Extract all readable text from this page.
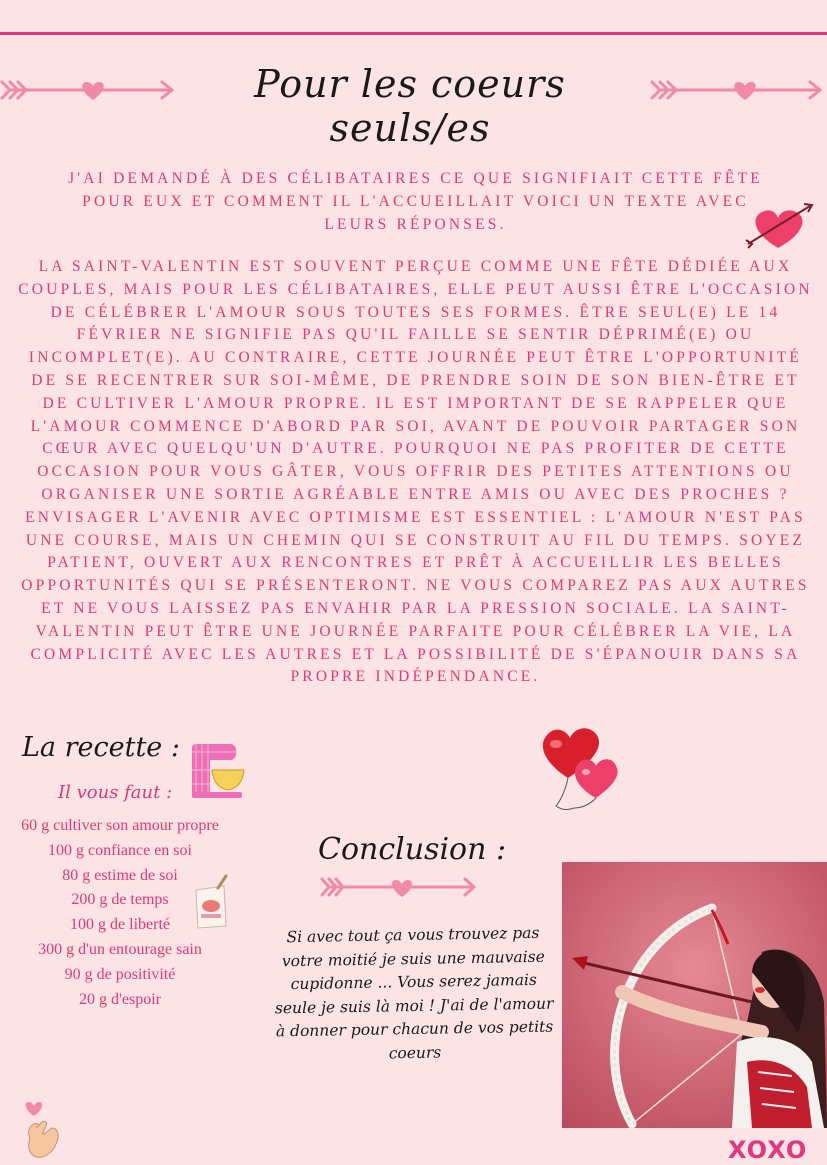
Pour les coeurs seuls/es
J'AI DEMANDÉ À DES CÉLIBATAIRES CE QUE SIGNIFIAIT CETTE FÊTE POUR EUX ET COMMENT IL L'ACCUEILLAIT VOICI UN TEXTE AVEC LEURS RÉPONSES.
LA SAINT-VALENTIN EST SOUVENT PERÇUE COMME UNE FÊTE DÉDIÉE AUX COUPLES, MAIS POUR LES CÉLIBATAIRES, ELLE PEUT AUSSI ÊTRE L'OCCASION DE CÉLÉBRER L'AMOUR SOUS TOUTES SES FORMES. ÊTRE SEUL(E) LE 14 FÉVRIER NE SIGNIFIE PAS QU'IL FAILLE SE SENTIR DÉPRIMÉ(E) OU INCOMPLET(E). AU CONTRAIRE, CETTE JOURNÉE PEUT ÊTRE L'OPPORTUNITÉ DE SE RECENTRER SUR SOI-MÊME, DE PRENDRE SOIN DE SON BIEN-ÊTRE ET DE CULTIVER L'AMOUR PROPRE. IL EST IMPORTANT DE SE RAPPELER QUE L'AMOUR COMMENCE D'ABORD PAR SOI, AVANT DE POUVOIR PARTAGER SON CŒUR AVEC QUELQU'UN D'AUTRE. POURQUOI NE PAS PROFITER DE CETTE OCCASION POUR VOUS GÂTER, VOUS OFFRIR DES PETITES ATTENTIONS OU ORGANISER UNE SORTIE AGRÉABLE ENTRE AMIS OU AVEC DES PROCHES ? ENVISAGER L'AVENIR AVEC OPTIMISME EST ESSENTIEL : L'AMOUR N'EST PAS UNE COURSE, MAIS UN CHEMIN QUI SE CONSTRUIT AU FIL DU TEMPS. SOYEZ PATIENT, OUVERT AUX RENCONTRES ET PRÊT À ACCUEILLIR LES BELLES OPPORTUNITÉS QUI SE PRÉSENTERONT. NE VOUS COMPAREZ PAS AUX AUTRES ET NE VOUS LAISSEZ PAS ENVAHIR PAR LA PRESSION SOCIALE. LA SAINT-VALENTIN PEUT ÊTRE UNE JOURNÉE PARFAITE POUR CÉLÉBRER LA VIE, LA COMPLICITÉ AVEC LES AUTRES ET LA POSSIBILITÉ DE S'ÉPANOUIR DANS SA PROPRE INDÉPENDANCE.
La recette :
Il vous faut :
60 g cultiver son amour propre
100 g confiance en soi
80 g estime de soi
200 g de temps
100 g de liberté
300 g d'un entourage sain
90 g de positivité
20 g d'espoir
Conclusion :
Si avec tout ça vous trouvez pas votre moitié je suis une mauvaise cupidonne ... Vous serez jamais seule je suis là moi ! J'ai de l'amour à donner pour chacun de vos petits coeurs
XOXO
